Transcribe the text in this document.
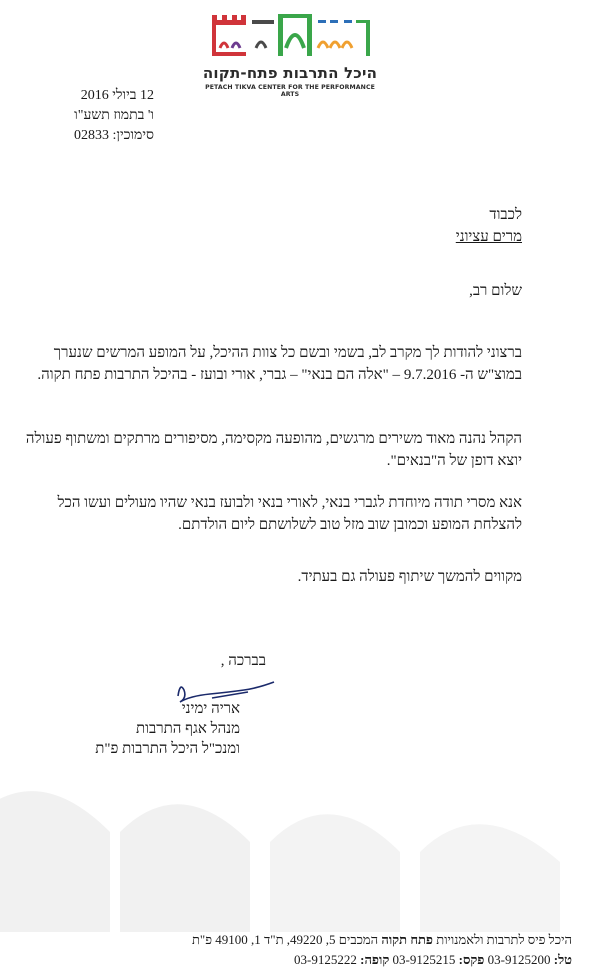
היכל התרבות פתח-תקוה
PETACH TIKVA CENTER FOR THE PERFORMANCE ARTS
12 ביולי 2016
ו' בתמוז תשע"ו
סימוכין: 02833
לכבוד
מרים עציוני
שלום רב,
ברצוני להודות לך מקרב לב, בשמי ובשם כל צוות ההיכל, על המופע המרשים שנערך במוצ"ש ה- 9.7.2016 – "אלה הם בנאי" – גברי, אורי ובועז - בהיכל התרבות פתח תקוה.
הקהל נהנה מאוד משירים מרגשים, מהופעה מקסימה, מסיפורים מרתקים ומשתוף פעולה יוצא דופן של ה"בנאים".
אנא מסרי תודה מיוחדת לגברי בנאי, לאורי בנאי ולבועז בנאי שהיו מעולים ועשו הכל להצלחת המופע וכמובן שוב מזל טוב לשלושתם ליום הולדתם.
מקווים להמשך שיתוף פעולה גם בעתיד.
בברכה ,
אריה ימיני
מנהל אגף התרבות
ומנכ"ל היכל התרבות פ"ת
היכל פיס לתרבות ולאמנויות פתח תקוה המכבים 5, 49220, ת"ד 1, 49100 פ"ת
טל: 03-9125200 פקס: 03-9125215 קופה: 03-9125222
